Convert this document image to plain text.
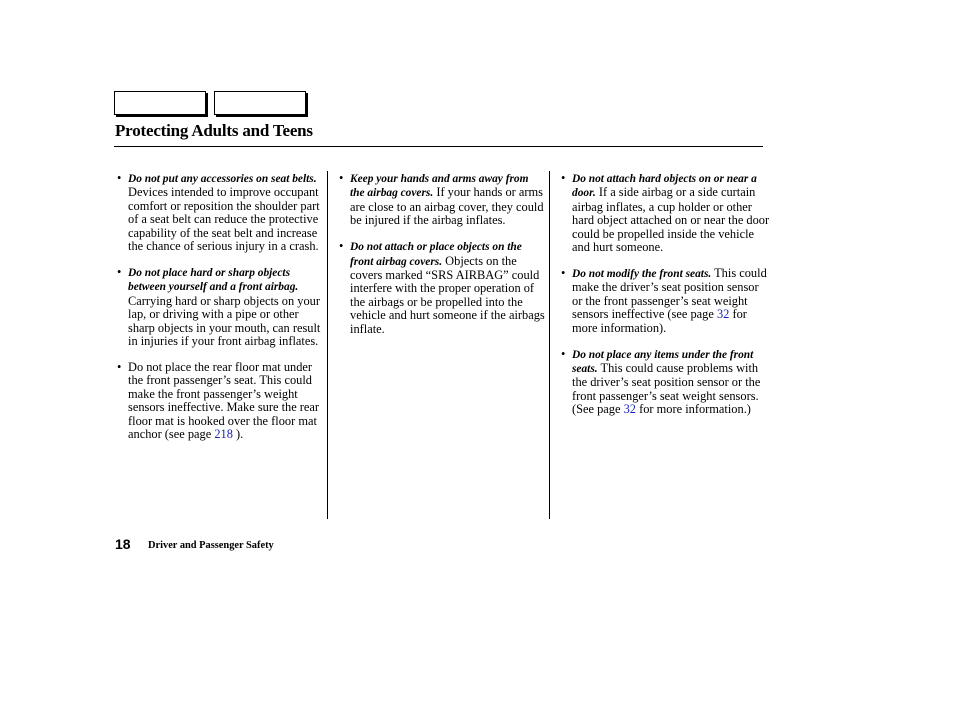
Protecting Adults and Teens
• Do not put any accessories on seat belts. Devices intended to improve occupant comfort or reposition the shoulder part of a seat belt can reduce the protective capability of the seat belt and increase the chance of serious injury in a crash.
• Do not place hard or sharp objects between yourself and a front airbag. Carrying hard or sharp objects on your lap, or driving with a pipe or other sharp objects in your mouth, can result in injuries if your front airbag inflates.
• Do not place the rear floor mat under the front passenger’s seat. This could make the front passenger’s weight sensors ineffective. Make sure the rear floor mat is hooked over the floor mat anchor (see page 218 ).
• Keep your hands and arms away from the airbag covers. If your hands or arms are close to an airbag cover, they could be injured if the airbag inflates.
• Do not attach or place objects on the front airbag covers. Objects on the covers marked “SRS AIRBAG” could interfere with the proper operation of the airbags or be propelled into the vehicle and hurt someone if the airbags inflate.
• Do not attach hard objects on or near a door. If a side airbag or a side curtain airbag inflates, a cup holder or other hard object attached on or near the door could be propelled inside the vehicle and hurt someone.
• Do not modify the front seats. This could make the driver’s seat position sensor or the front passenger’s seat weight sensors ineffective (see page 32 for more information).
• Do not place any items under the front seats. This could cause problems with the driver’s seat position sensor or the front passenger’s seat weight sensors. (See page 32 for more information.)
18 Driver and Passenger Safety
